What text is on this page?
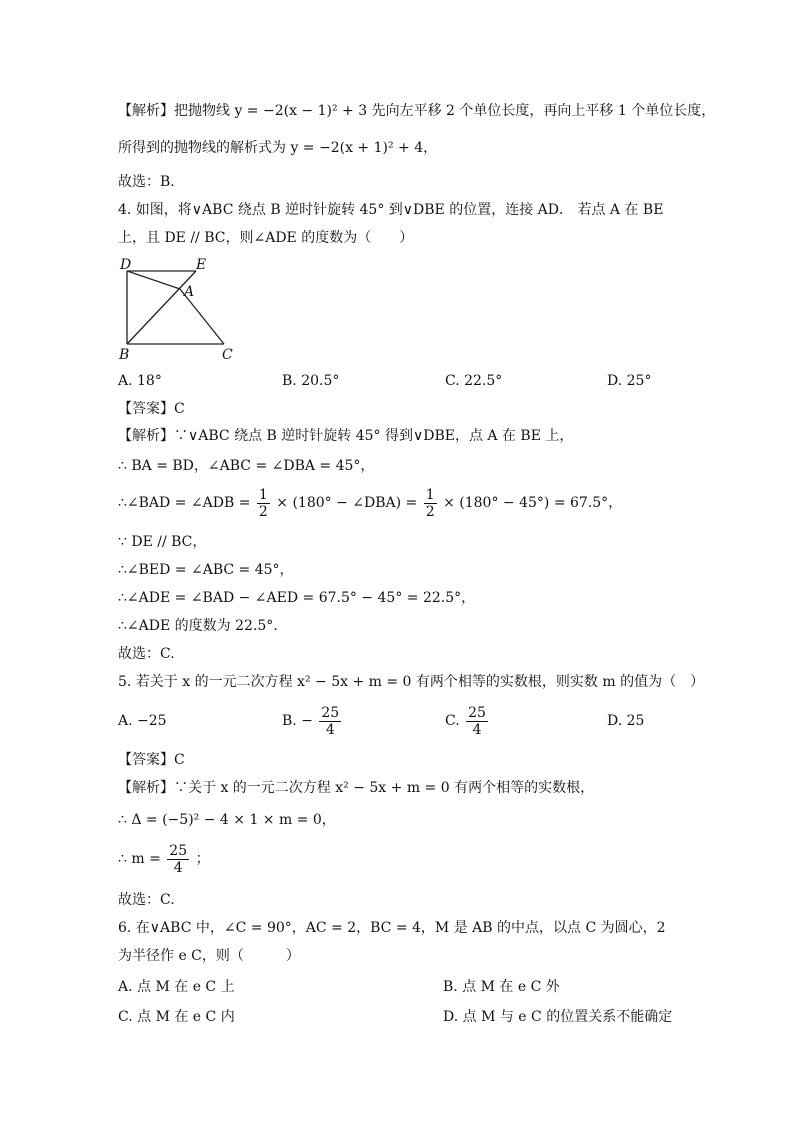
【解析】把抛物线 y = −2(x − 1)² + 3 先向左平移 2 个单位长度，再向上平移 1 个单位长度，
所得到的抛物线的解析式为 y = −2(x + 1)² + 4，
故选：B.
4. 如图，将∨ABC 绕点 B 逆时针旋转 45° 到∨DBE 的位置，连接 AD． 若点 A 在 BE
上，且 DE // BC，则∠ADE 的度数为（　　）
D	E
A
B	C
A. 18°	B. 20.5°	C. 22.5°	D. 25°
【答案】C
【解析】∵∨ABC 绕点 B 逆时针旋转 45° 得到∨DBE，点 A 在 BE 上，
∴ BA = BD，∠ABC = ∠DBA = 45°，
∴∠BAD = ∠ADB = $\frac{1}{2} \times (180^\circ$ − ∠DBA) = $\frac{1}{2} \times (180^\circ - 45^\circ) = 67.5^\circ$，
∵ DE // BC，
∴∠BED = ∠ABC = 45°，
∴∠ADE = ∠BAD − ∠AED = 67.5° − 45° = 22.5°，
∴∠ADE 的度数为 22.5°.
故选：C.
5. 若关于 x 的一元二次方程 x² − 5x + m = 0 有两个相等的实数根，则实数 m 的值为（　）
A. −25	B. − $\frac{25}{4}$	C. $\frac{25}{4}$	D. 25
【答案】C
【解析】∵关于 x 的一元二次方程 x² − 5x + m = 0 有两个相等的实数根，
∴ Δ = (−5)² − 4 × 1 × m = 0，
∴ $m = \frac{25}{4}$ ；
故选：C.
6. 在∨ABC 中，∠C = 90°，AC = 2，BC = 4，M 是 AB 的中点，以点 C 为圆心，2
为半径作 e C，则（　　　）
A. 点 M 在 e C 上	B. 点 M 在 e C 外
C. 点 M 在 e C 内	D. 点 M 与 e C 的位置关系不能确定
